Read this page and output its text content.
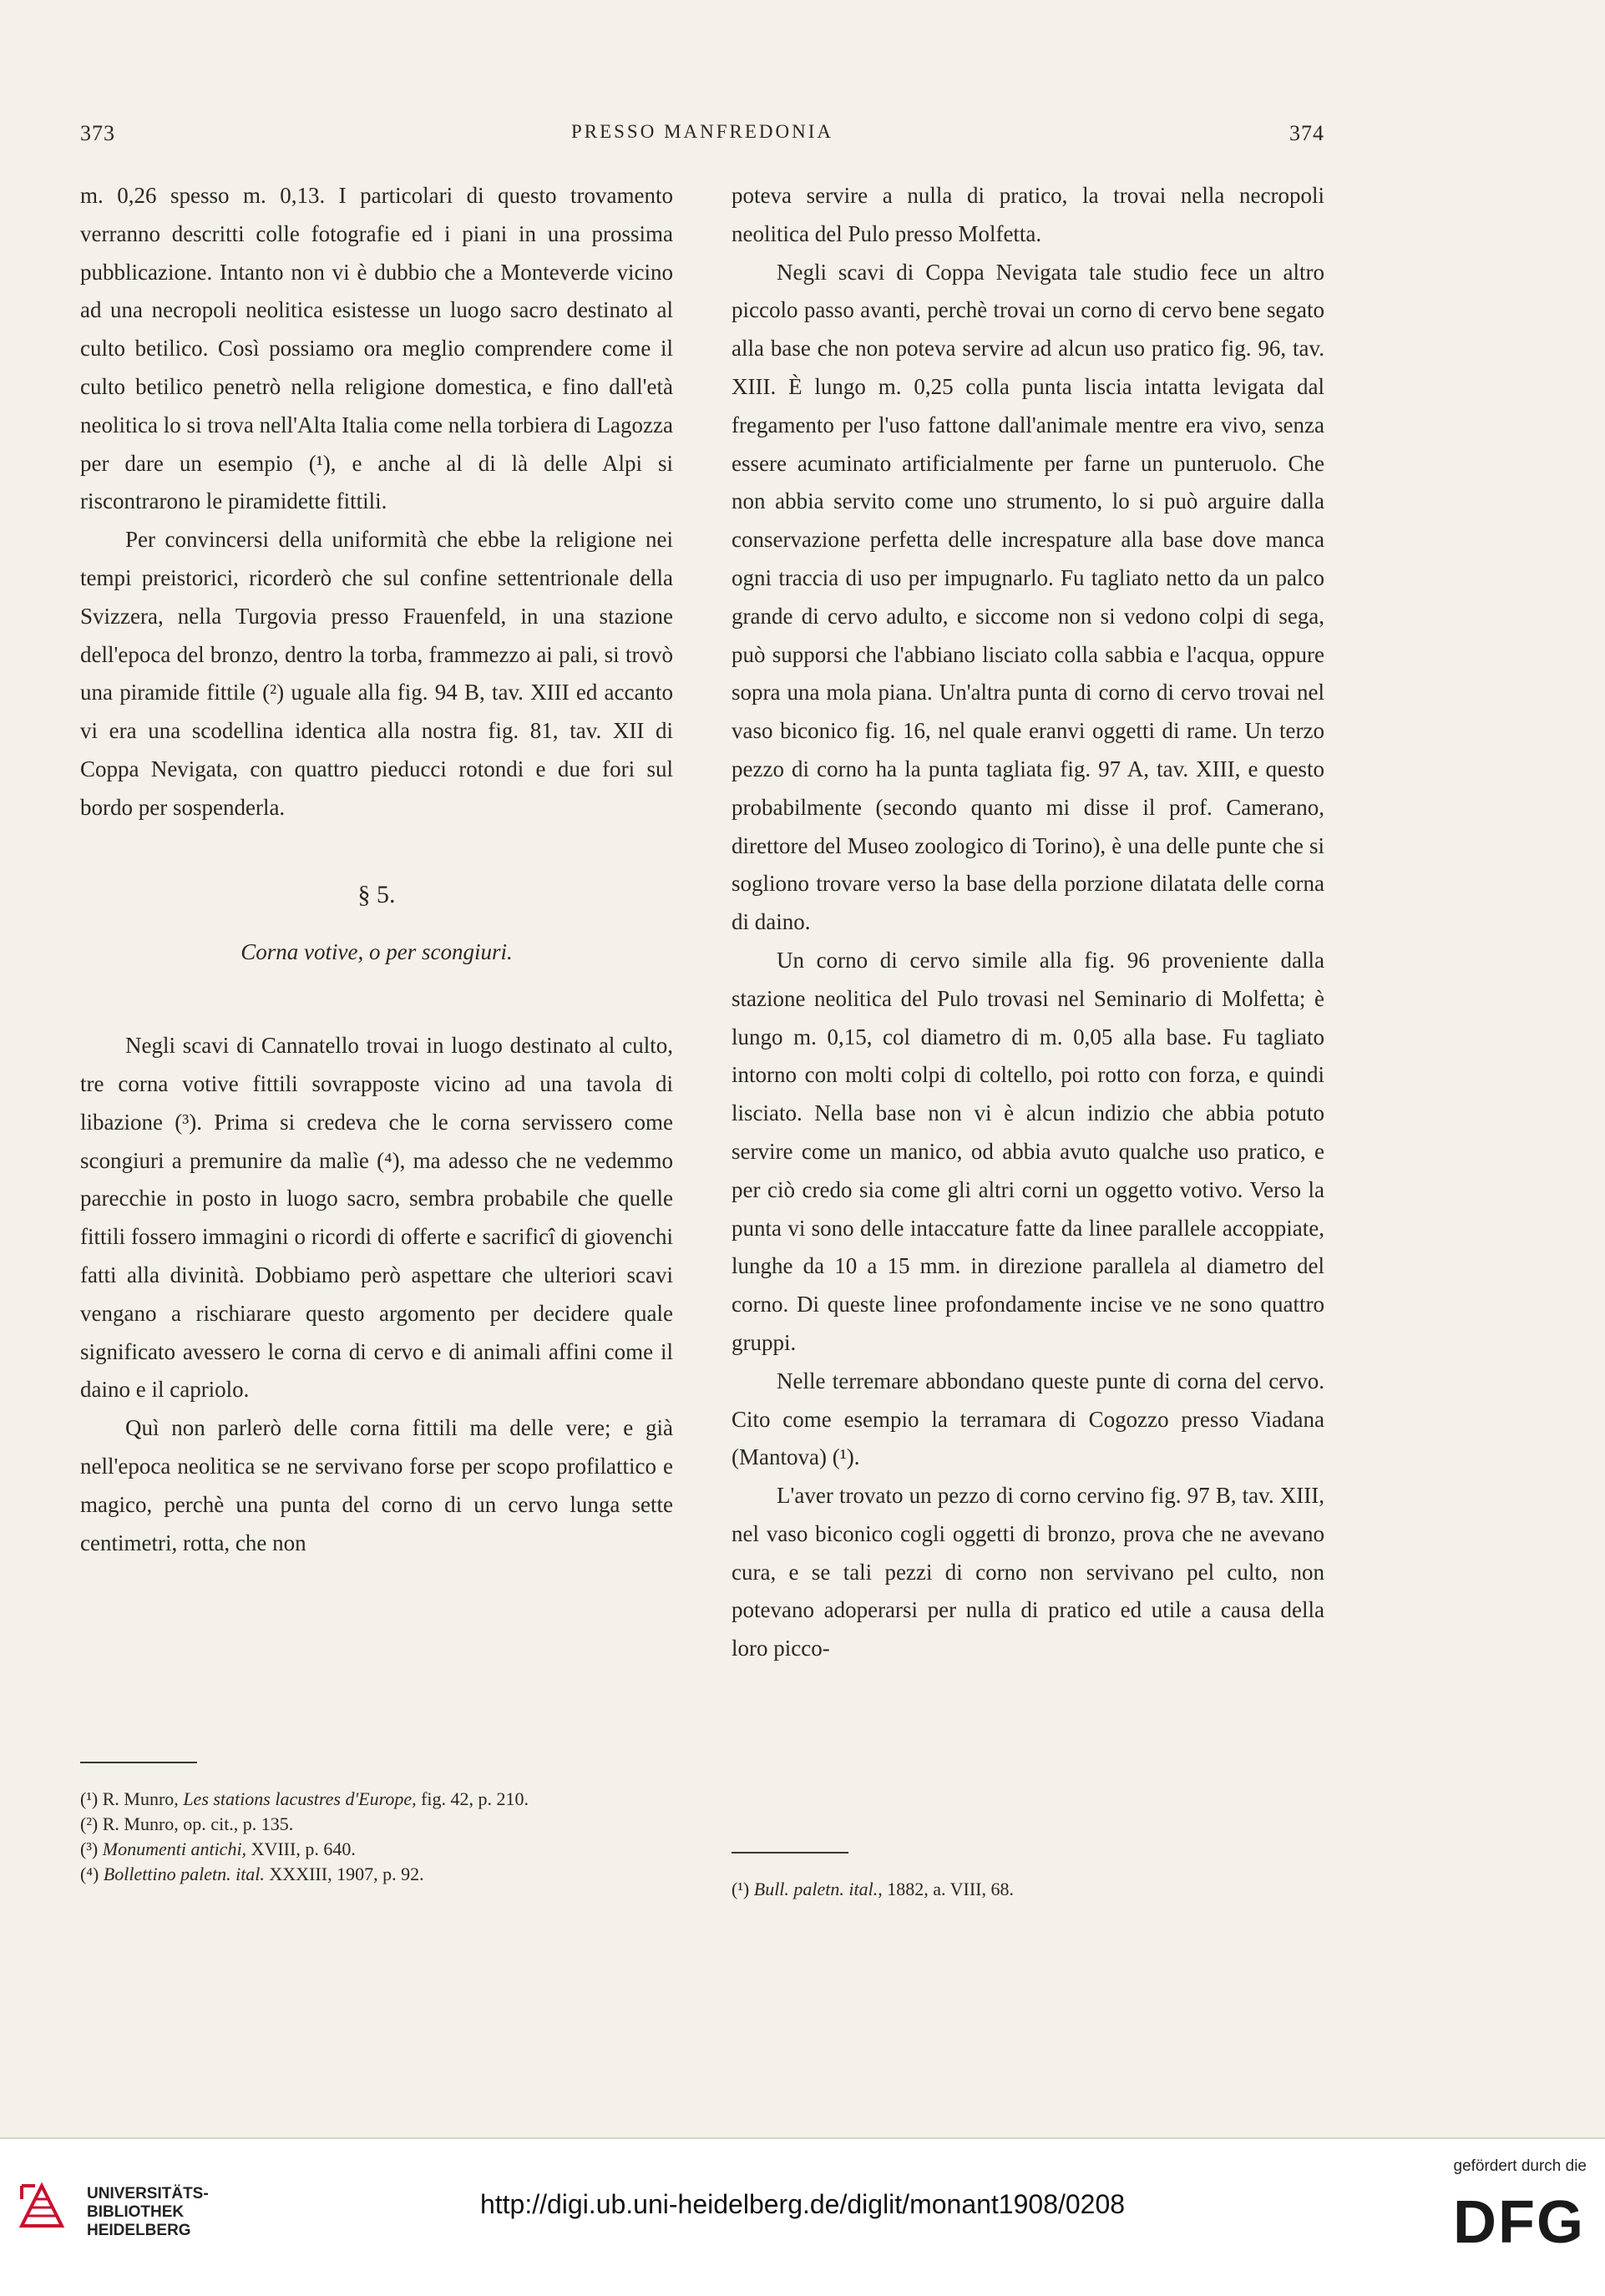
373	PRESSO MANFREDONIA	374

m. 0,26 spesso m. 0,13. I particolari di questo trovamento verranno descritti colle fotografie ed i piani in una prossima pubblicazione. Intanto non vi è dubbio che a Monteverde vicino ad una necropoli neolitica esistesse un luogo sacro destinato al culto betilico. Così possiamo ora meglio comprendere come il culto betilico penetrò nella religione domestica, e fino dall'età neolitica lo si trova nell'Alta Italia come nella torbiera di Lagozza per dare un esempio (¹), e anche al di là delle Alpi si riscontrarono le piramidette fittili.

Per convincersi della uniformità che ebbe la religione nei tempi preistorici, ricorderò che sul confine settentrionale della Svizzera, nella Turgovia presso Frauenfeld, in una stazione dell'epoca del bronzo, dentro la torba, frammezzo ai pali, si trovò una piramide fittile (²) uguale alla fig. 94 B, tav. XIII ed accanto vi era una scodellina identica alla nostra fig. 81, tav. XII di Coppa Nevigata, con quattro pieducci rotondi e due fori sul bordo per sospenderla.

§ 5.
Corna votive, o per scongiuri.

Negli scavi di Cannatello trovai in luogo destinato al culto, tre corna votive fittili sovrapposte vicino ad una tavola di libazione (³). Prima si credeva che le corna servissero come scongiuri a premunire da malìe (⁴), ma adesso che ne vedemmo parecchie in posto in luogo sacro, sembra probabile che quelle fittili fossero immagini o ricordi di offerte e sacrificî di giovenchi fatti alla divinità. Dobbiamo però aspettare che ulteriori scavi vengano a rischiarare questo argomento per decidere quale significato avessero le corna di cervo e di animali affini come il daino e il capriolo.

Quì non parlerò delle corna fittili ma delle vere; e già nell'epoca neolitica se ne servivano forse per scopo profilattico e magico, perchè una punta del corno di un cervo lunga sette centimetri, rotta, che non

(¹) R. Munro, Les stations lacustres d'Europe, fig. 42, p. 210.
(²) R. Munro, op. cit., p. 135.
(³) Monumenti antichi, XVIII, p. 640.
(⁴) Bollettino paletn. ital. XXXIII, 1907, p. 92.

poteva servire a nulla di pratico, la trovai nella necropoli neolitica del Pulo presso Molfetta.

Negli scavi di Coppa Nevigata tale studio fece un altro piccolo passo avanti, perchè trovai un corno di cervo bene segato alla base che non poteva servire ad alcun uso pratico fig. 96, tav. XIII. È lungo m. 0,25 colla punta liscia intatta levigata dal fregamento per l'uso fattone dall'animale mentre era vivo, senza essere acuminato artificialmente per farne un punteruolo. Che non abbia servito come uno strumento, lo si può arguire dalla conservazione perfetta delle increspature alla base dove manca ogni traccia di uso per impugnarlo. Fu tagliato netto da un palco grande di cervo adulto, e siccome non si vedono colpi di sega, può supporsi che l'abbiano lisciato colla sabbia e l'acqua, oppure sopra una mola piana. Un'altra punta di corno di cervo trovai nel vaso biconico fig. 16, nel quale eranvi oggetti di rame. Un terzo pezzo di corno ha la punta tagliata fig. 97 A, tav. XIII, e questo probabilmente (secondo quanto mi disse il prof. Camerano, direttore del Museo zoologico di Torino), è una delle punte che si sogliono trovare verso la base della porzione dilatata delle corna di daino.

Un corno di cervo simile alla fig. 96 proveniente dalla stazione neolitica del Pulo trovasi nel Seminario di Molfetta; è lungo m. 0,15, col diametro di m. 0,05 alla base. Fu tagliato intorno con molti colpi di coltello, poi rotto con forza, e quindi lisciato. Nella base non vi è alcun indizio che abbia potuto servire come un manico, od abbia avuto qualche uso pratico, e per ciò credo sia come gli altri corni un oggetto votivo. Verso la punta vi sono delle intaccature fatte da linee parallele accoppiate, lunghe da 10 a 15 mm. in direzione parallela al diametro del corno. Di queste linee profondamente incise ve ne sono quattro gruppi.

Nelle terremare abbondano queste punte di corna del cervo. Cito come esempio la terramara di Cogozzo presso Viadana (Mantova) (¹).

L'aver trovato un pezzo di corno cervino fig. 97 B, tav. XIII, nel vaso biconico cogli oggetti di bronzo, prova che ne avevano cura, e se tali pezzi di corno non servivano pel culto, non potevano adoperarsi per nulla di pratico ed utile a causa della loro picco-

(¹) Bull. paletn. ital., 1882, a. VIII, 68.
UNIVERSITÄTS-
BIBLIOTHEK
HEIDELBERG
http://digi.ub.uni-heidelberg.de/diglit/monant1908/0208
gefördert durch die
DFG
